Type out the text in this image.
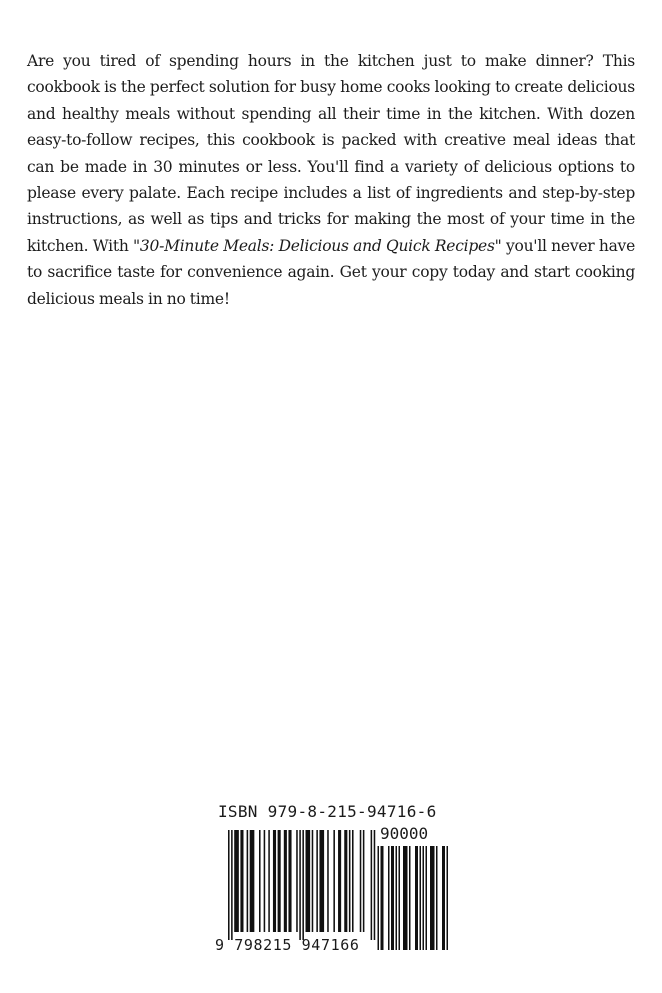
Are you tired of spending hours in the kitchen just to make dinner? This cookbook is the perfect solution for busy home cooks looking to create delicious and healthy meals without spending all their time in the kitchen. With dozen easy-to-follow recipes, this cookbook is packed with creative meal ideas that can be made in 30 minutes or less. You'll find a variety of delicious options to please every palate. Each recipe includes a list of ingredients and step-by-step instructions, as well as tips and tricks for making the most of your time in the kitchen. With "30-Minute Meals: Delicious and Quick Recipes" you'll never have to sacrifice taste for convenience again. Get your copy today and start cooking delicious meals in no time!

ISBN 979-8-215-94716-6
90000
9 798215 947166
